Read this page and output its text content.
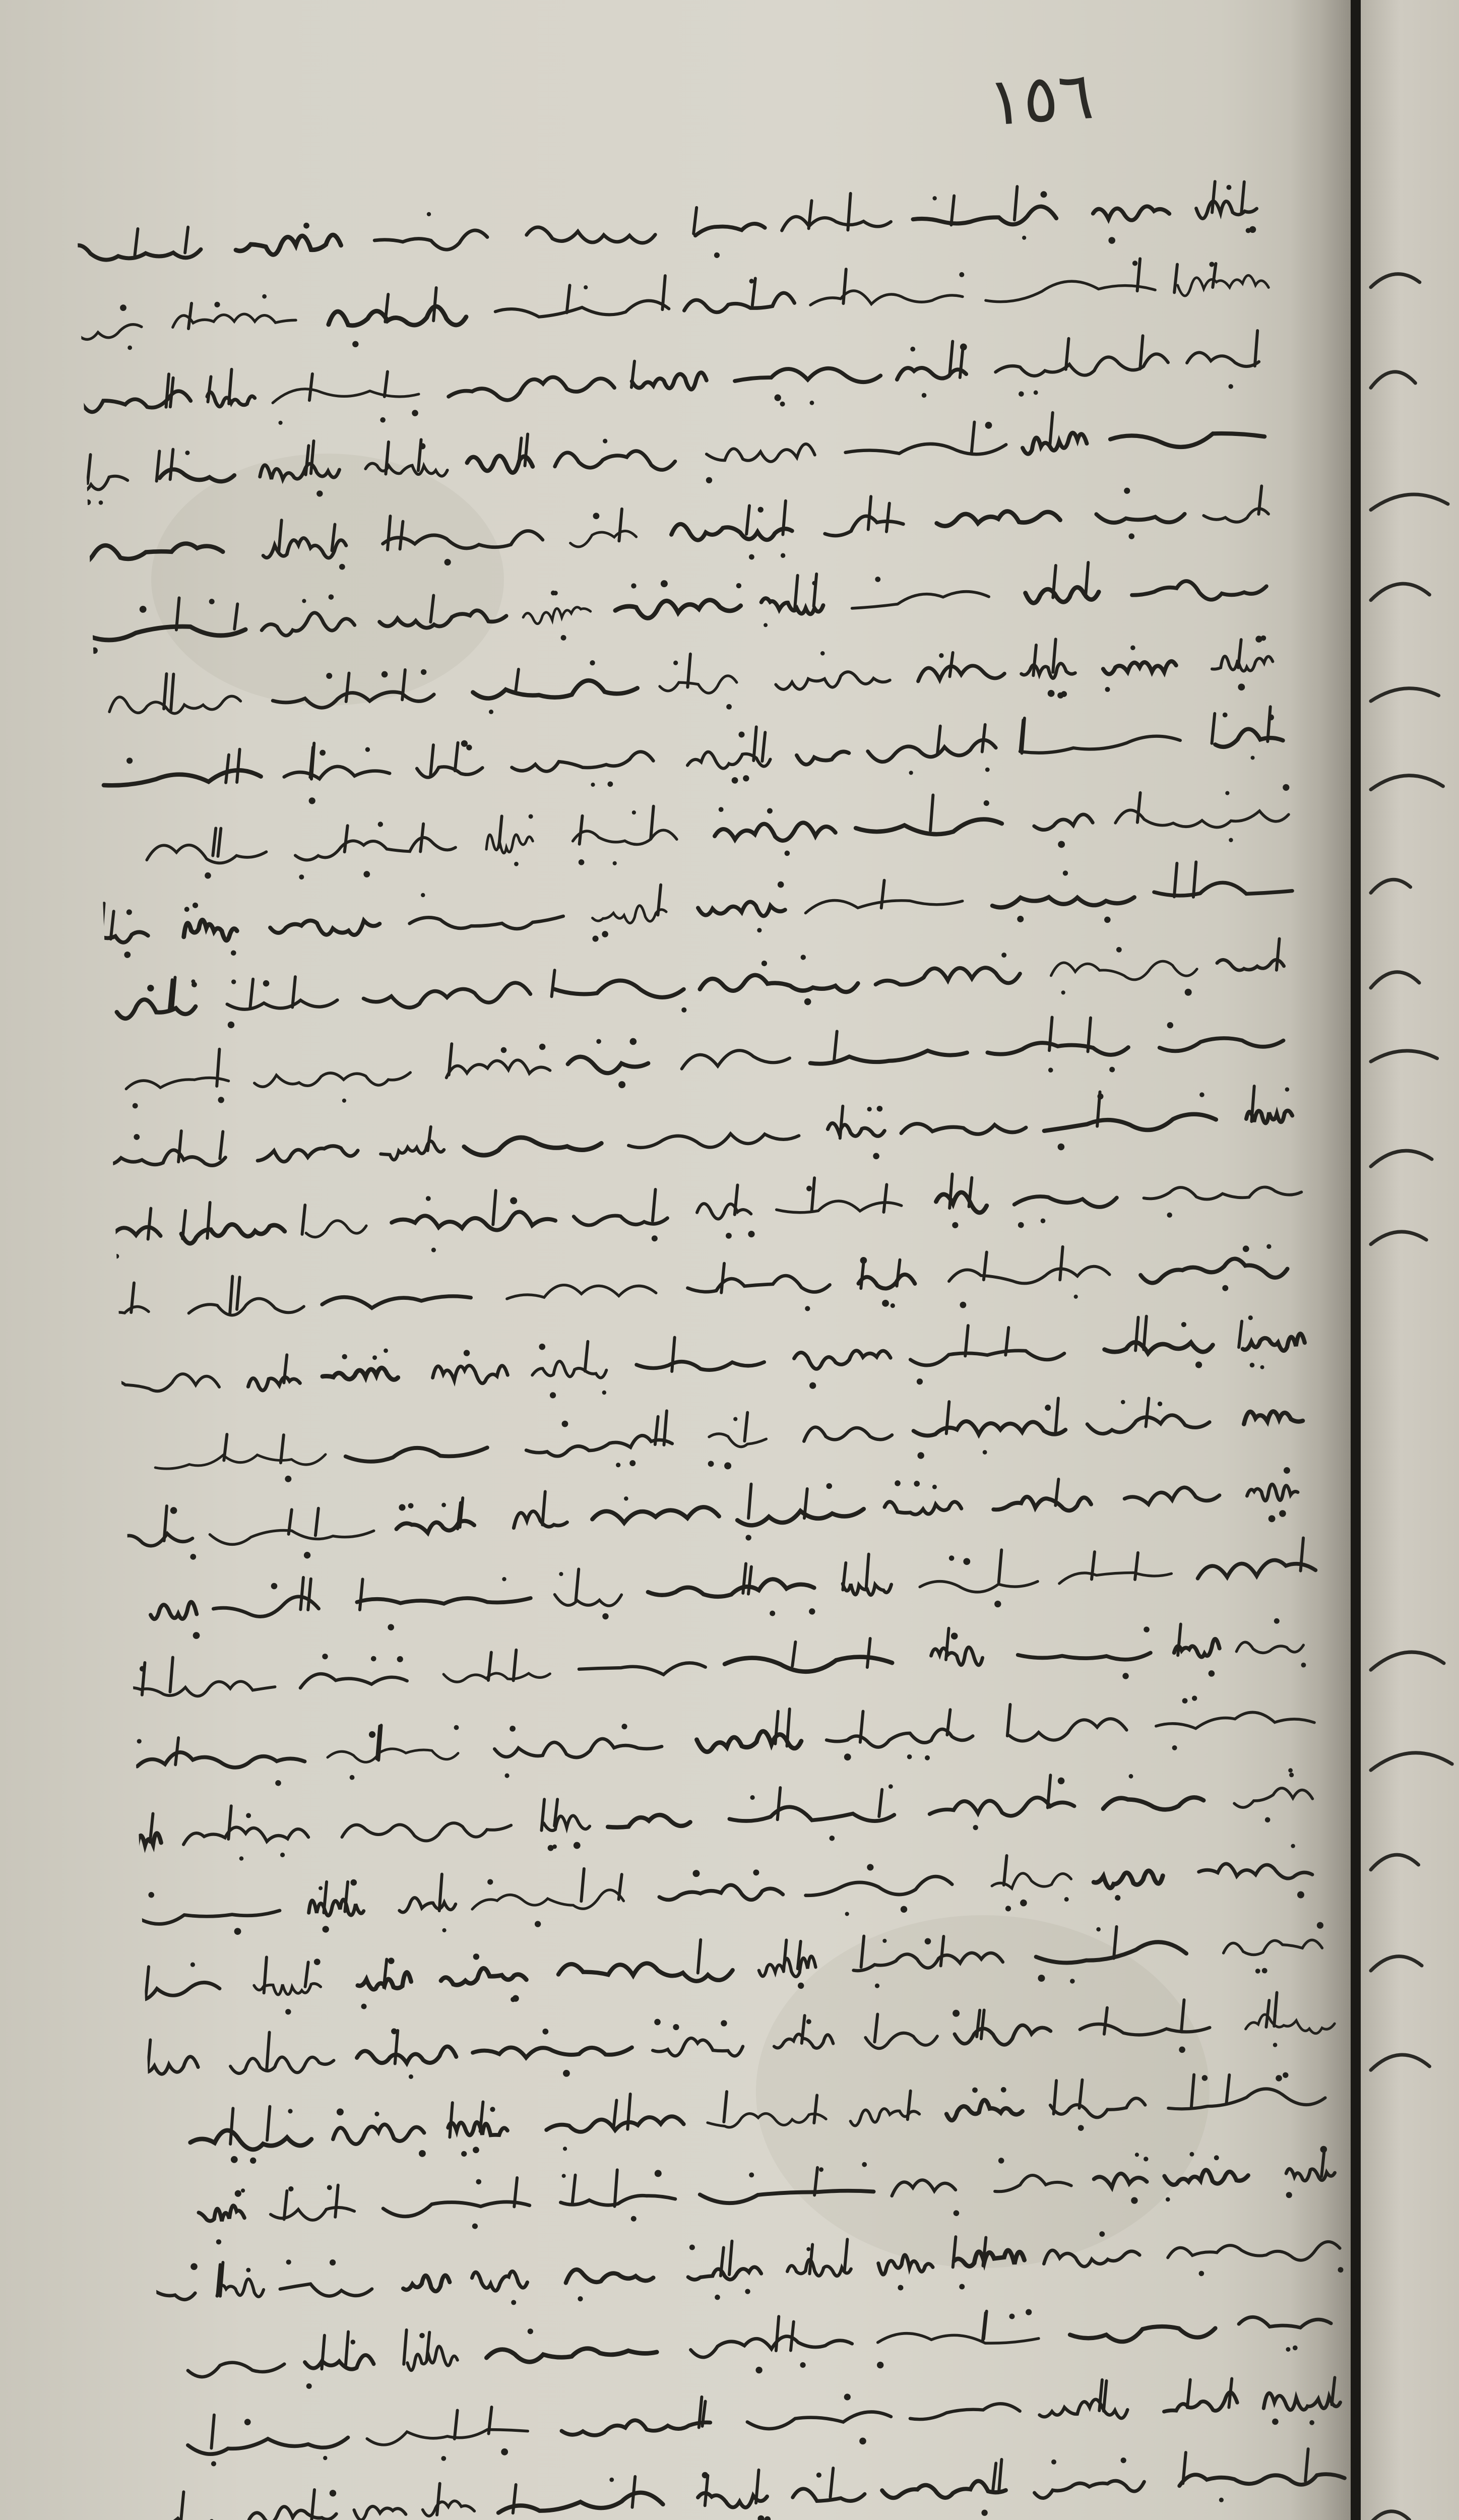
١٥٦
